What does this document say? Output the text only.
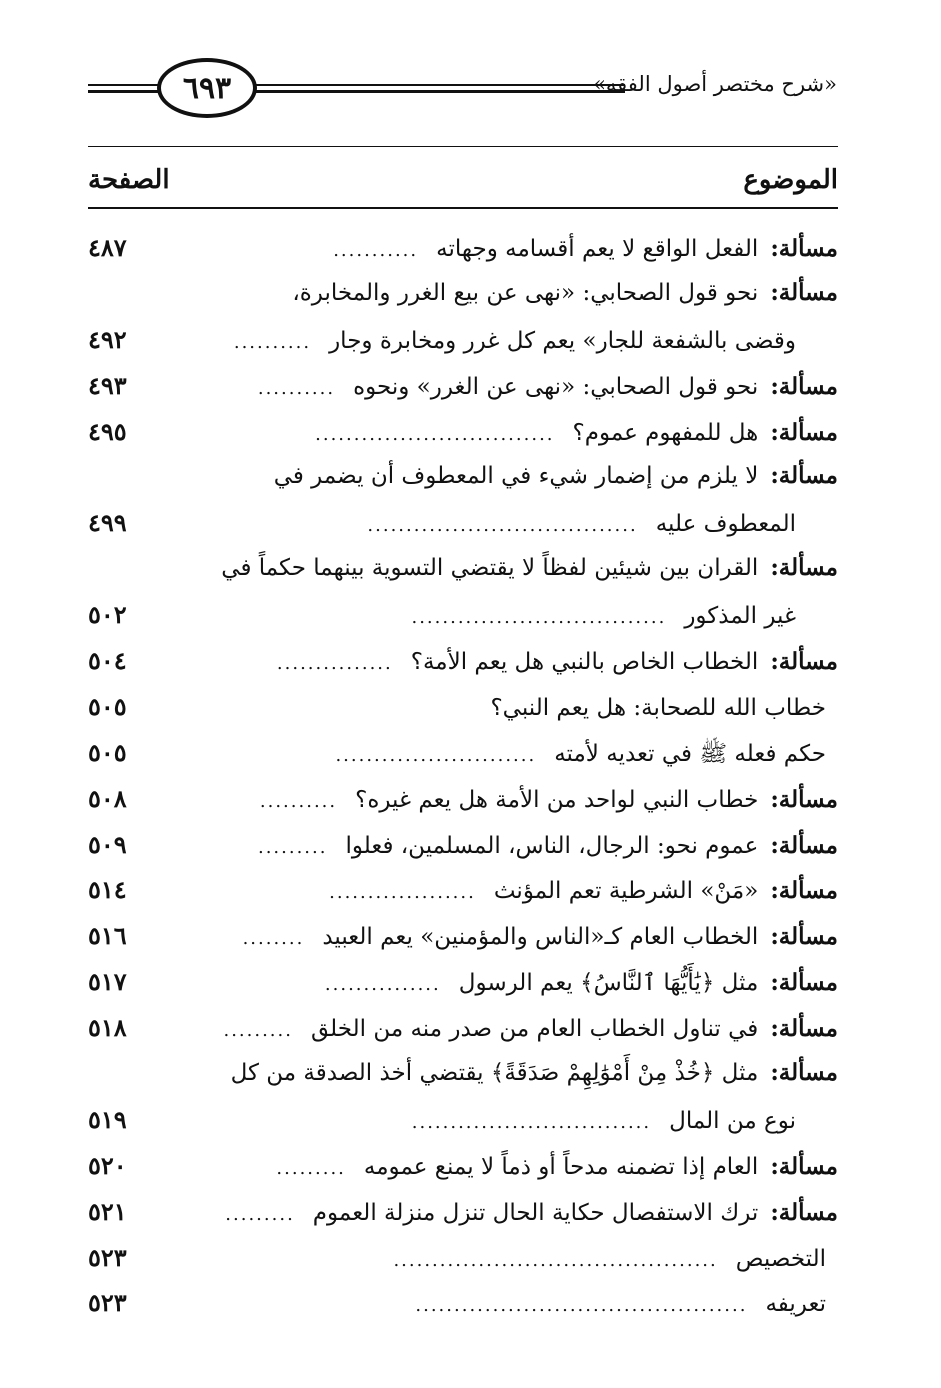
٦٩٣	«شرح مختصر أصول الفقه»
الموضوع
الصفحة
مسألة:
الفعل الواقع لا يعم أقسامه وجهاته
...........
٤٨٧
مسألة:
نحو قول الصحابي: «نهى عن بيع الغرر والمخابرة،
وقضى بالشفعة للجار» يعم كل غرر ومخابرة وجار
..........
٤٩٢
مسألة:
نحو قول الصحابي: «نهى عن الغرر» ونحوه
..........
٤٩٣
مسألة:
هل للمفهوم عموم؟
...............................
٤٩٥
مسألة:
لا يلزم من إضمار شيء في المعطوف أن يضمر في
المعطوف عليه
...................................
٤٩٩
مسألة:
القران بين شيئين لفظاً لا يقتضي التسوية بينهما حكماً في
غير المذكور
.................................
٥٠٢
مسألة:
الخطاب الخاص بالنبي هل يعم الأمة؟
...............
٥٠٤
خطاب الله للصحابة: هل يعم النبي؟
٥٠٥
حكم فعله ﷺ في تعديه لأمته
..........................
٥٠٥
مسألة:
خطاب النبي لواحد من الأمة هل يعم غيره؟
..........
٥٠٨
مسألة:
عموم نحو: الرجال، الناس، المسلمين، فعلوا
.........
٥٠٩
مسألة:
«مَنْ» الشرطية تعم المؤنث
...................
٥١٤
مسألة:
الخطاب العام كـ«الناس والمؤمنين» يعم العبيد
........
٥١٦
مسألة:
مثل ﴿يَٰأَيُّهَا ٱلنَّاسُ﴾ يعم الرسول
...............
٥١٧
مسألة:
في تناول الخطاب العام من صدر منه من الخلق
.........
٥١٨
مسألة:
مثل ﴿خُذْ مِنْ أَمْوَٰلِهِمْ صَدَقَةً﴾ يقتضي أخذ الصدقة من كل
نوع من المال
...............................
٥١٩
مسألة:
العام إذا تضمنه مدحاً أو ذماً لا يمنع عمومه
.........
٥٢٠
مسألة:
ترك الاستفصال حكاية الحال تنزل منزلة العموم
.........
٥٢١
التخصيص
..........................................
٥٢٣
تعريفه
...........................................
٥٢٣
